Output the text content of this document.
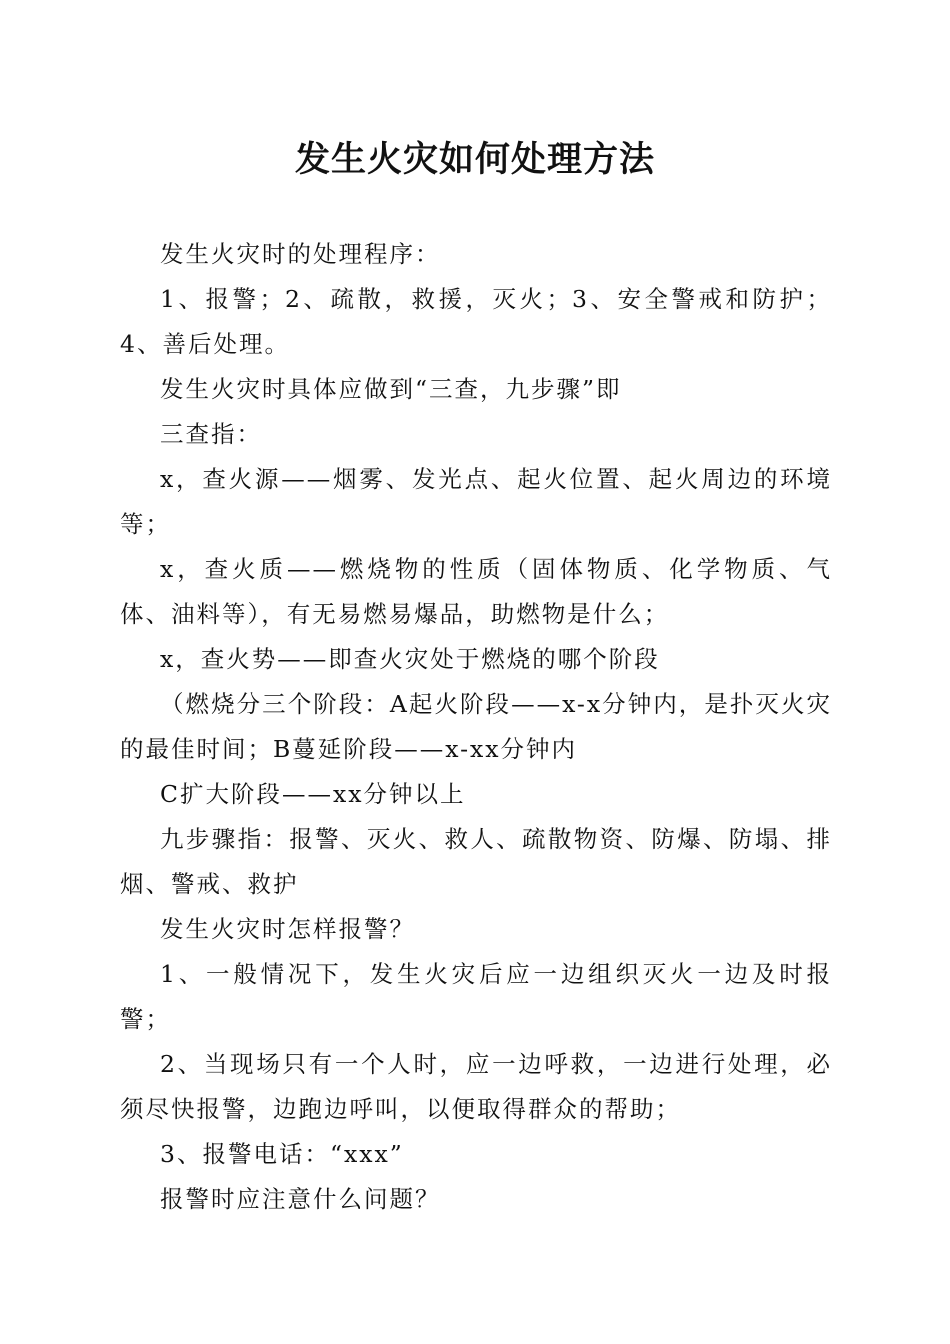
发生火灾如何处理方法

发生火灾时的处理程序：

1、报警；2、疏散，救援，灭火；3、安全警戒和防护；4、善后处理。

发生火灾时具体应做到“三查，九步骤”即

三查指：

x，查火源——烟雾、发光点、起火位置、起火周边的环境等；

x，查火质——燃烧物的性质（固体物质、化学物质、气体、油料等），有无易燃易爆品，助燃物是什么；

x，查火势——即查火灾处于燃烧的哪个阶段

（燃烧分三个阶段：A起火阶段——x-x分钟内，是扑灭火灾的最佳时间；B蔓延阶段——x-xx分钟内

C扩大阶段——xx分钟以上

九步骤指：报警、灭火、救人、疏散物资、防爆、防塌、排烟、警戒、救护

发生火灾时怎样报警？

1、一般情况下，发生火灾后应一边组织灭火一边及时报警；

2、当现场只有一个人时，应一边呼救，一边进行处理，必须尽快报警，边跑边呼叫，以便取得群众的帮助；

3、报警电话：“xxx”

报警时应注意什么问题？
